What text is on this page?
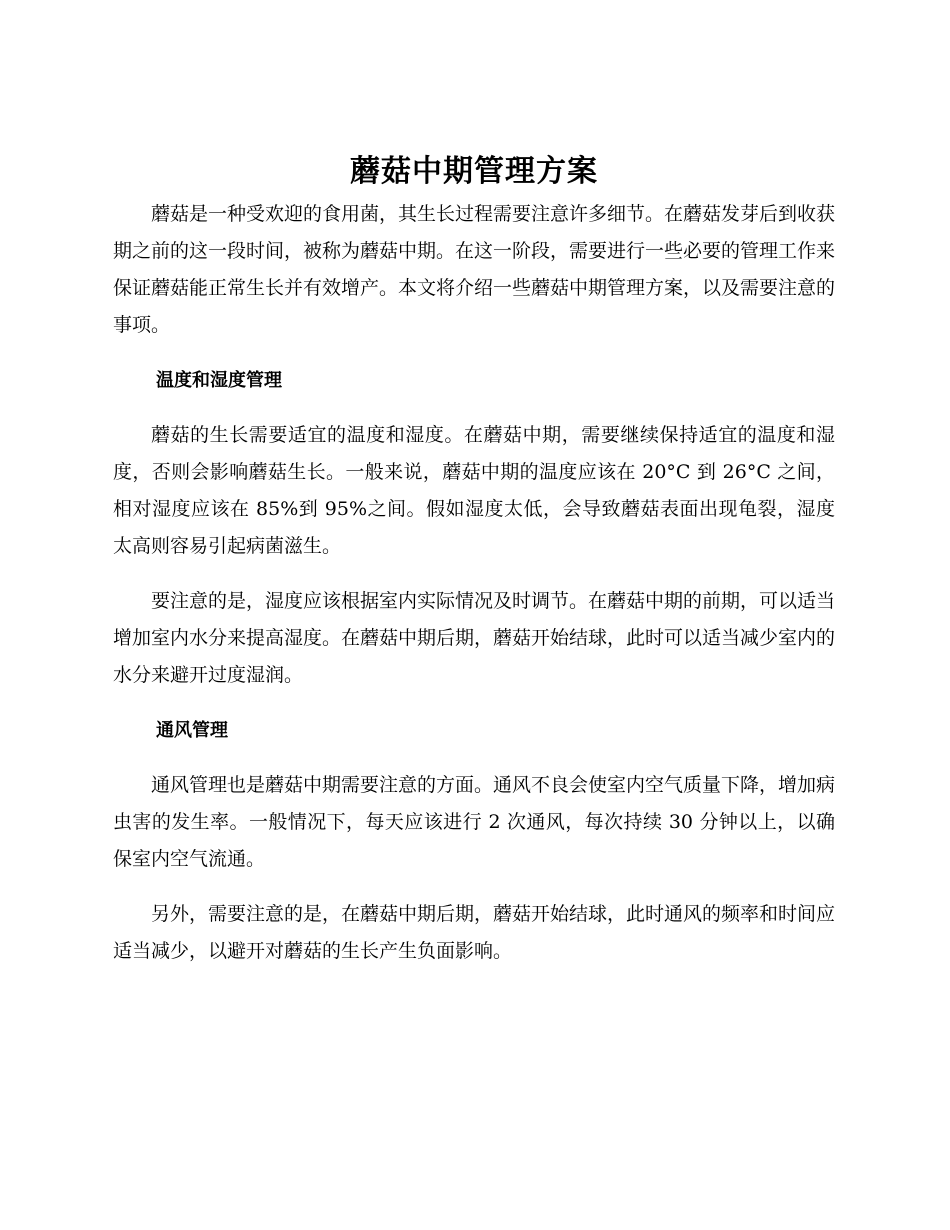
蘑菇中期管理方案

蘑菇是一种受欢迎的食用菌，其生长过程需要注意许多细节。在蘑菇发芽后到收获期之前的这一段时间，被称为蘑菇中期。在这一阶段，需要进行一些必要的管理工作来保证蘑菇能正常生长并有效增产。本文将介绍一些蘑菇中期管理方案，以及需要注意的事项。

温度和湿度管理

蘑菇的生长需要适宜的温度和湿度。在蘑菇中期，需要继续保持适宜的温度和湿度，否则会影响蘑菇生长。一般来说，蘑菇中期的温度应该在 20°C 到 26°C 之间，相对湿度应该在 85%到 95%之间。假如湿度太低，会导致蘑菇表面出现龟裂，湿度太高则容易引起病菌滋生。

要注意的是，湿度应该根据室内实际情况及时调节。在蘑菇中期的前期，可以适当增加室内水分来提高湿度。在蘑菇中期后期，蘑菇开始结球，此时可以适当减少室内的水分来避开过度湿润。

通风管理

通风管理也是蘑菇中期需要注意的方面。通风不良会使室内空气质量下降，增加病虫害的发生率。一般情况下，每天应该进行 2 次通风，每次持续 30 分钟以上，以确保室内空气流通。

另外，需要注意的是，在蘑菇中期后期，蘑菇开始结球，此时通风的频率和时间应适当减少，以避开对蘑菇的生长产生负面影响。
